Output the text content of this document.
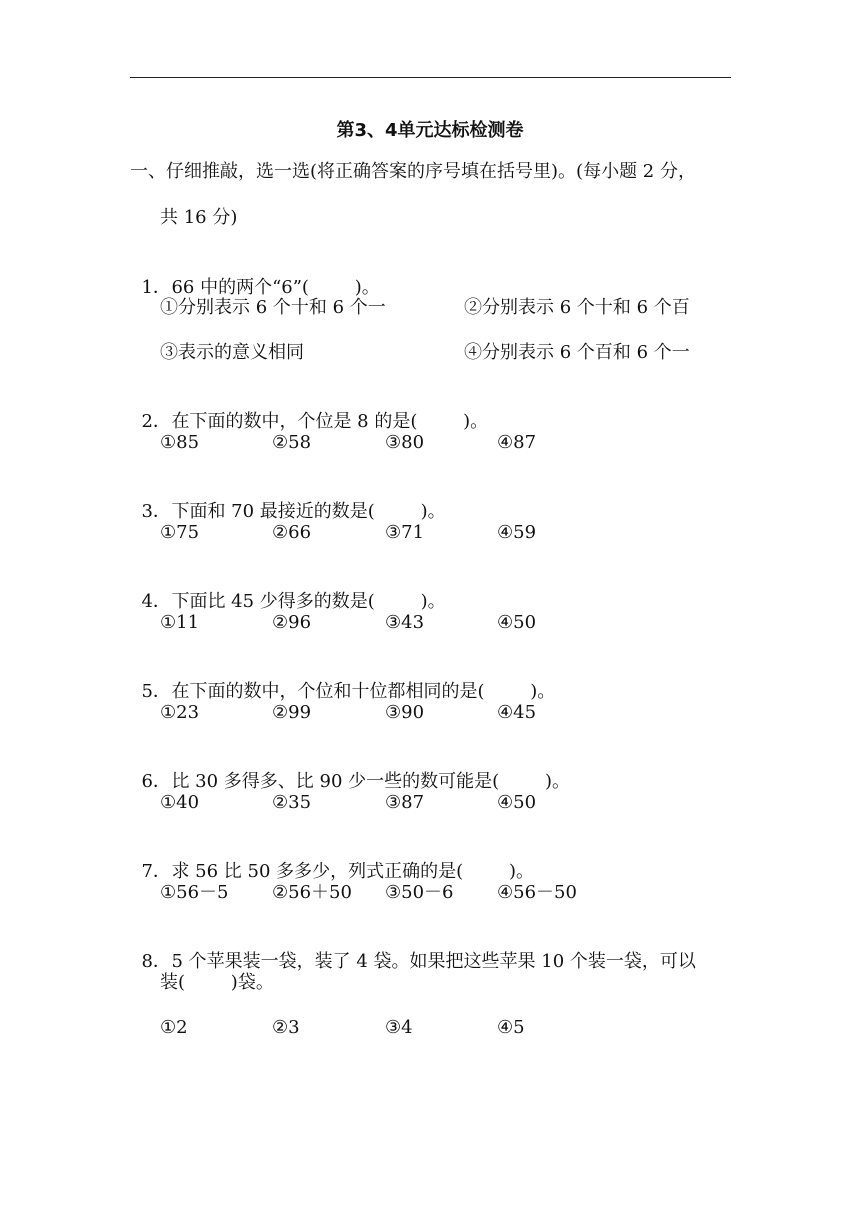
第3、4单元达标检测卷
一、仔细推敲，选一选(将正确答案的序号填在括号里)。(每小题 2 分，
共 16 分)

1．66 中的两个“6”(        )。

①分别表示 6 个十和 6 个一	②分别表示 6 个十和 6 个百
③表示的意义相同	④分别表示 6 个百和 6 个一

2．在下面的数中，个位是 8 的是(        )。

①85	②58	③80	④87

3．下面和 70 最接近的数是(        )。

①75	②66	③71	④59

4．下面比 45 少得多的数是(        )。

①11	②96	③43	④50

5．在下面的数中，个位和十位都相同的是(        )。

①23	②99	③90	④45

6．比 30 多得多、比 90 少一些的数可能是(        )。

①40	②35	③87	④50

7．求 56 比 50 多多少，列式正确的是(        )。

①56－5 ②56＋50 ③50－6 ④56－50

8．5 个苹果装一袋，装了 4 袋。如果把这些苹果 10 个装一袋，可以

装(        )袋。
①2	②3	③4	④5
